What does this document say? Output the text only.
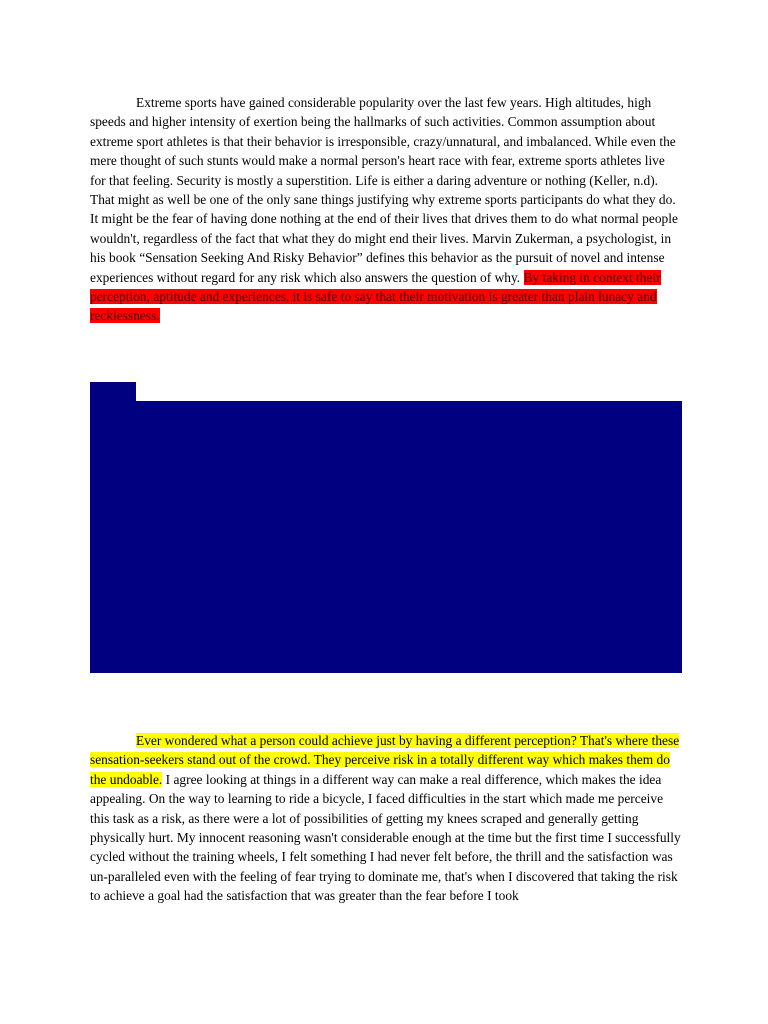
Extreme sports have gained considerable popularity over the last few years. High altitudes, high speeds and higher intensity of exertion being the hallmarks of such activities. Common assumption about extreme sport athletes is that their behavior is irresponsible, crazy/unnatural, and imbalanced. While even the mere thought of such stunts would make a normal person's heart race with fear, extreme sports athletes live for that feeling. Security is mostly a superstition. Life is either a daring adventure or nothing (Keller, n.d). That might as well be one of the only sane things justifying why extreme sports participants do what they do. It might be the fear of having done nothing at the end of their lives that drives them to do what normal people wouldn't, regardless of the fact that what they do might end their lives. Marvin Zukerman, a psychologist, in his book “Sensation Seeking And Risky Behavior” defines this behavior as the pursuit of novel and intense experiences without regard for any risk which also answers the question of why. By taking in context their perception, aptitude and experiences, it is safe to say that their motivation is greater than plain lunacy and recklessness.

Ever wondered what a person could achieve just by having a different perception? That's where these sensation-seekers stand out of the crowd. They perceive risk in a totally different way which makes them do the undoable. I agree looking at things in a different way can make a real difference, which makes the idea appealing. On the way to learning to ride a bicycle, I faced difficulties in the start which made me perceive this task as a risk, as there were a lot of possibilities of getting my knees scraped and generally getting physically hurt. My innocent reasoning wasn't considerable enough at the time but the first time I successfully cycled without the training wheels, I felt something I had never felt before, the thrill and the satisfaction was un-paralleled even with the feeling of fear trying to dominate me, that's when I discovered that taking the risk to achieve a goal had the satisfaction that was greater than the fear before I took
